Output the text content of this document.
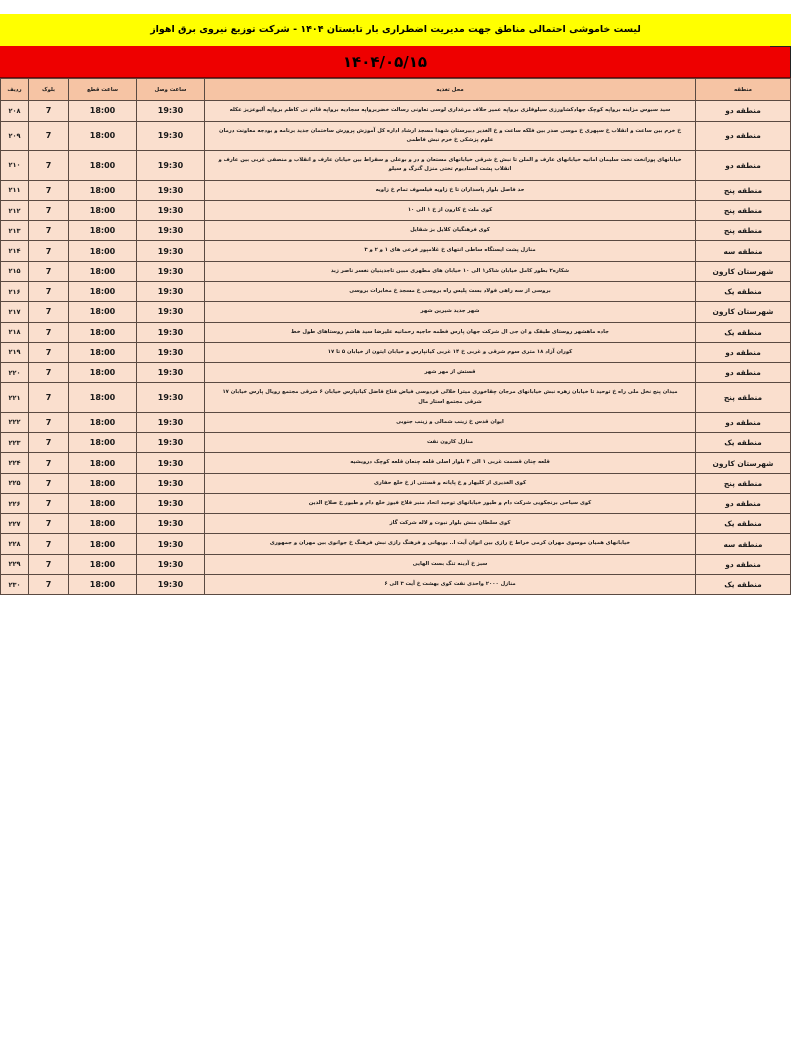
لیست خاموشی احتمالی مناطق جهت مدیریت اضطراری بار تابستان ۱۴۰۴ - شرکت توزیع نیروی برق اهواز
۱۴۰۴/۰۵/۱۵
منطقه	محل تغذیه	ساعت وصل	ساعت قطع	بلوک	ردیف
منطقه دو	سید سبوس مزاینه برواپه کوچک جهادکشاورزی سیلوفلزی برواپه عمیر حلاف مرغداری لوسی تعاونی رسالت خضربرواپه سجادیه برواپه قائم نی کاظم برواپه آلبوعزیز عکله	19:30	18:00	7	۲۰۸
منطقه دو	خ خرم بین ساعت و انقلاب خ سپهری خ موسی صدر بین فلکه ساعت و خ الغدیر دبیرستان شهدا مسجد ارشاد اداره کل آموزش پرورش ساختمان جدید برنامه و بودجه معاونت درمان علوم پزشکی خ خرم نبش فاطمی	19:30	18:00	7	۲۰۹
منطقه دو	خیابانهای پورانخت نخت سلیمان امانیه خیابانهای عارف و الملن تا نبش خ شرقی خیابانهای مستعان و در و بوعلی و سقراط بین خیابان عارف و انقلاب و منصفی غربی بین عارف و انقلاب پشت استادیوم تختی منزل گنرگ و سیلو	19:30	18:00	7	۲۱۰
منطقه پنج	حد فاصل بلوار پاسداران تا خ زاویه فیلسوف تمام خ زاویه	19:30	18:00	7	۲۱۱
منطقه پنج	کوی ملت خ کارون از خ ۱ الی ۱۰	19:30	18:00	7	۲۱۲
منطقه پنج	کوی فرهنگیان کلایل بز شقایل	19:30	18:00	7	۲۱۳
منطقه سه	منازل پشت ایستگاه ساطی انتهای خ غلامپور فرعی های ۱ و ۲ و ۳	19:30	18:00	7	۲۱۴
شهرستان کارون	شکاره۲ بطور کامل خیابان شاکر۱ الی ۱۰ خیابان های مطهری مبین تاجدینیان نغسر ناصر زبد	19:30	18:00	7	۲۱۵
منطقه یک	بروسی از سه راهی فولاد بست پلیس راه بروسی خ مسجد خ مخابرات بروسی	19:30	18:00	7	۲۱۶
شهرستان کارون	شهر جدید شیرین شهر	19:30	18:00	7	۲۱۷
منطقه یک	جاده ماهشهر روستای طیفک و ان جی ال شرکت جهان پارس فطمه حاجیه رحمانیه علیرضا سید هاشم روستاهای طول خط	19:30	18:00	7	۲۱۸
منطقه دو	کوران آزاد ۱۸ متری سوم شرقی و غربی خ ۱۴ غربی کیانپارس و خیابان ایتون از خیابان ۵ تا ۱۷	19:30	18:00	7	۲۱۹
منطقه دو	قستش از مهر شهر	19:30	18:00	7	۲۲۰
منطقه پنج	میدان پنج نخل ملی راه خ توحید تا خیابان زهره نبش خیابانهای مرجان چقاخوری میترا خلالی فردوسی فیاض فتاح فاضل کیانپارس خیابان ۶ شرقی مجتمع رویال پارس خیابان ۱۷ شرقی مجتمع استار مال	19:30	18:00	7	۲۲۱
منطقه دو	ایوان قدس خ زینب شمالی و زینب جنوبی	19:30	18:00	7	۲۲۲
منطقه یک	منازل کارون نفت	19:30	18:00	7	۲۲۳
شهرستان کارون	قلعه چنان قسمت غربی ۱ الی ۴ بلوار اصلی قلعه چنعان قلعه کوچک درویشیه	19:30	18:00	7	۲۲۴
منطقه پنج	کوی الغدیری از کلیهار و خ پایانه و قستتی از خ خلع حفاری	19:30	18:00	7	۲۲۵
منطقه دو	کوی سیاحی برنجکویی شرکت دام و طیور خیابانهای توحید اتحاد منبر فلاح فیوز خلع دام و طیور خ صلاح الدین	19:30	18:00	7	۲۲۶
منطقه یک	کوی سلطان منش بلوار نبوت و لاله شرکت گاز	19:30	18:00	7	۲۲۷
منطقه سه	خیابانهای همیان موسوی مهران کرمی خراط خ رازی بین انوان آیت ا.. بوبهانی و فرهنگ رازی نبش فرهنگ خ جوانوی بین مهران و جمهوری	19:30	18:00	7	۲۲۸
منطقه دو	سبز خ آدینه تنگ بست الهایی	19:30	18:00	7	۲۲۹
منطقه یک	منازل ۲۰۰۰ واحدی نفت کوی بهشت خ آیت ۳ الی ۶	19:30	18:00	7	۲۳۰
